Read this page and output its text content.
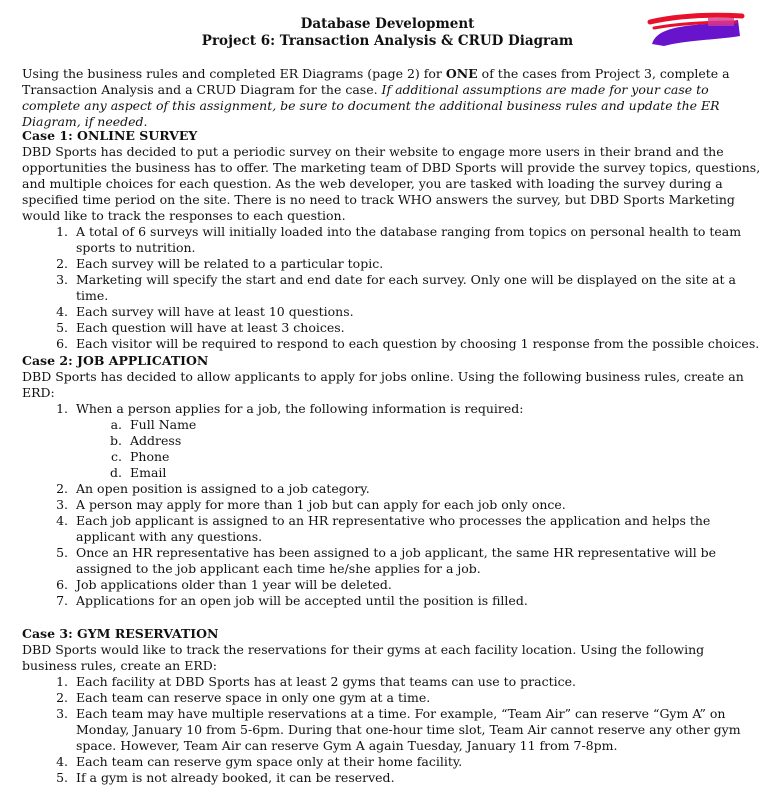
Database Development
Project 6: Transaction Analysis & CRUD Diagram
Using the business rules and completed ER Diagrams (page 2) for ONE of the cases from Project 3, complete a Transaction Analysis and a CRUD Diagram for the case. If additional assumptions are made for your case to complete any aspect of this assignment, be sure to document the additional business rules and update the ER Diagram, if needed.
Case 1: ONLINE SURVEY

DBD Sports has decided to put a periodic survey on their website to engage more users in their brand and the opportunities the business has to offer. The marketing team of DBD Sports will provide the survey topics, questions, and multiple choices for each question. As the web developer, you are tasked with loading the survey during a specified time period on the site. There is no need to track WHO answers the survey, but DBD Sports Marketing would like to track the responses to each question.

1. A total of 6 surveys will initially loaded into the database ranging from topics on personal health to team sports to nutrition.
2. Each survey will be related to a particular topic.
3. Marketing will specify the start and end date for each survey. Only one will be displayed on the site at a time.
4. Each survey will have at least 10 questions.
5. Each question will have at least 3 choices.
6. Each visitor will be required to respond to each question by choosing 1 response from the possible choices.
Case 2: JOB APPLICATION

DBD Sports has decided to allow applicants to apply for jobs online. Using the following business rules, create an ERD:

1. When a person applies for a job, the following information is required:
a. Full Name
b. Address
c. Phone
d. Email
2. An open position is assigned to a job category.
3. A person may apply for more than 1 job but can apply for each job only once.
4. Each job applicant is assigned to an HR representative who processes the application and helps the applicant with any questions.
5. Once an HR representative has been assigned to a job applicant, the same HR representative will be assigned to the job applicant each time he/she applies for a job.
6. Job applications older than 1 year will be deleted.
7. Applications for an open job will be accepted until the position is filled.
Case 3: GYM RESERVATION

DBD Sports would like to track the reservations for their gyms at each facility location. Using the following business rules, create an ERD:

1. Each facility at DBD Sports has at least 2 gyms that teams can use to practice.
2. Each team can reserve space in only one gym at a time.
3. Each team may have multiple reservations at a time. For example, “Team Air” can reserve “Gym A” on Monday, January 10 from 5-6pm. During that one-hour time slot, Team Air cannot reserve any other gym space. However, Team Air can reserve Gym A again Tuesday, January 11 from 7-8pm.
4. Each team can reserve gym space only at their home facility.
5. If a gym is not already booked, it can be reserved.
